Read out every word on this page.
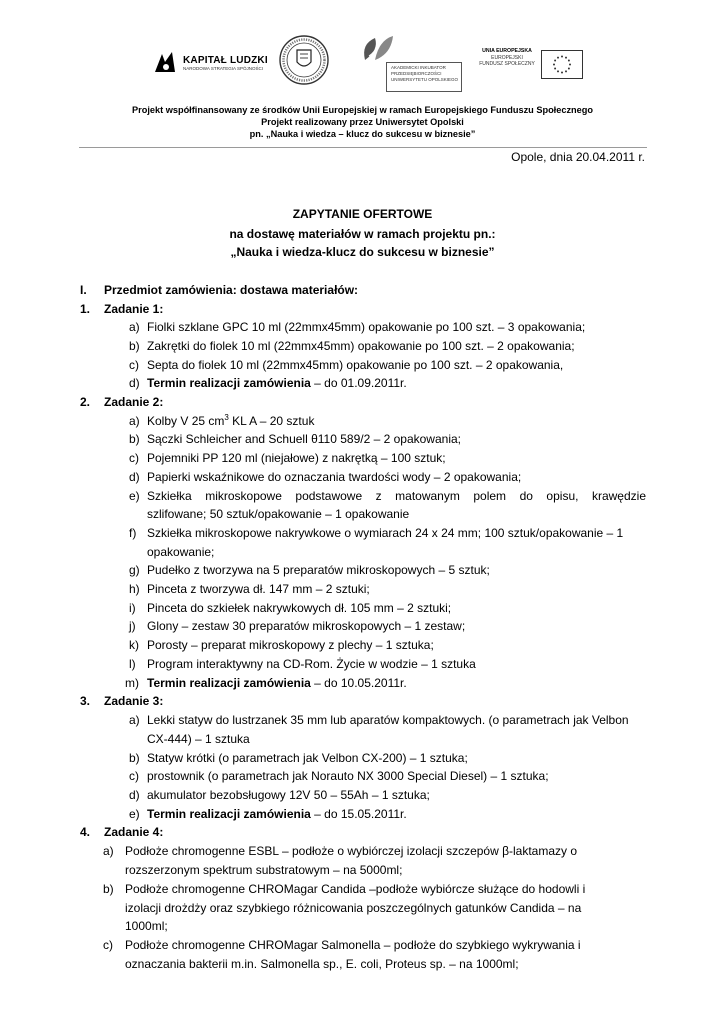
KAPITAŁ LUDZKI
NARODOWA STRATEGIA SPÓJNOŚCI	AKADEMICKI INKUBATOR
PRZEDSIĘBIORCZOŚCI
UNIWERSYTETU OPOLSKIEGO
UNIA EUROPEJSKA
EUROPEJSKI
FUNDUSZ SPOŁECZNY
Projekt współfinansowany ze środków Unii Europejskiej w ramach Europejskiego Funduszu Społecznego
Projekt realizowany przez Uniwersytet Opolski
pn. „Nauka i wiedza – klucz do sukcesu w biznesie”
Opole, dnia 20.04.2011 r.
ZAPYTANIE OFERTOWE
na dostawę materiałów w ramach projektu pn.:
„Nauka i wiedza-klucz do sukcesu w biznesie”
I. Przedmiot zamówienia: dostawa materiałów:
1. Zadanie 1:
a) Fiolki szklane GPC 10 ml (22mmx45mm) opakowanie po 100 szt. – 3 opakowania;
b) Zakrętki do fiolek 10 ml (22mmx45mm) opakowanie po 100 szt. – 2 opakowania;
c) Septa do fiolek 10 ml (22mmx45mm) opakowanie po 100 szt. – 2 opakowania,
d) Termin realizacji zamówienia – do 01.09.2011r.
2. Zadanie 2:
a) Kolby V 25 $cm^3$ KL A – 20 sztuk
b) Sączki Schleicher and Schuell θ110 589/2 – 2 opakowania;
c) Pojemniki PP 120 ml (niejałowe) z nakrętką – 100 sztuk;
d) Papierki wskaźnikowe do oznaczania twardości wody – 2 opakowania;
e) Szkiełka mikroskopowe podstawowe z matowanym polem do opisu, krawędzie
szlifowane; 50 sztuk/opakowanie – 1 opakowanie
f) Szkiełka mikroskopowe nakrywkowe o wymiarach 24 x 24 mm; 100 sztuk/opakowanie – 1
opakowanie;
g) Pudełko z tworzywa na 5 preparatów mikroskopowych – 5 sztuk;
h) Pinceta z tworzywa dł. 147 mm – 2 sztuki;
i) Pinceta do szkiełek nakrywkowych dł. 105 mm – 2 sztuki;
j) Glony – zestaw 30 preparatów mikroskopowych – 1 zestaw;
k) Porosty – preparat mikroskopowy z plechy – 1 sztuka;
l) Program interaktywny na CD-Rom. Życie w wodzie – 1 sztuka
m) Termin realizacji zamówienia – do 10.05.2011r.
3. Zadanie 3:
a) Lekki statyw do lustrzanek 35 mm lub aparatów kompaktowych. (o parametrach jak Velbon
CX-444) – 1 sztuka
b) Statyw krótki (o parametrach jak Velbon CX-200) – 1 sztuka;
c) prostownik (o parametrach jak Norauto NX 3000 Special Diesel) – 1 sztuka;
d) akumulator bezobsługowy 12V 50 – 55Ah – 1 sztuka;
e) Termin realizacji zamówienia – do 15.05.2011r.
4. Zadanie 4:
a) Podłoże chromogenne ESBL – podłoże o wybiórczej izolacji szczepów β-laktamazy o
rozszerzonym spektrum substratowym – na 5000ml;
b) Podłoże chromogenne CHROMagar Candida –podłoże wybiórcze służące do hodowli i
izolacji drożdży oraz szybkiego różnicowania poszczególnych gatunków Candida – na
1000ml;
c) Podłoże chromogenne CHROMagar Salmonella – podłoże do szybkiego wykrywania i
oznaczania bakterii m.in. Salmonella sp., E. coli, Proteus sp. – na 1000ml;
